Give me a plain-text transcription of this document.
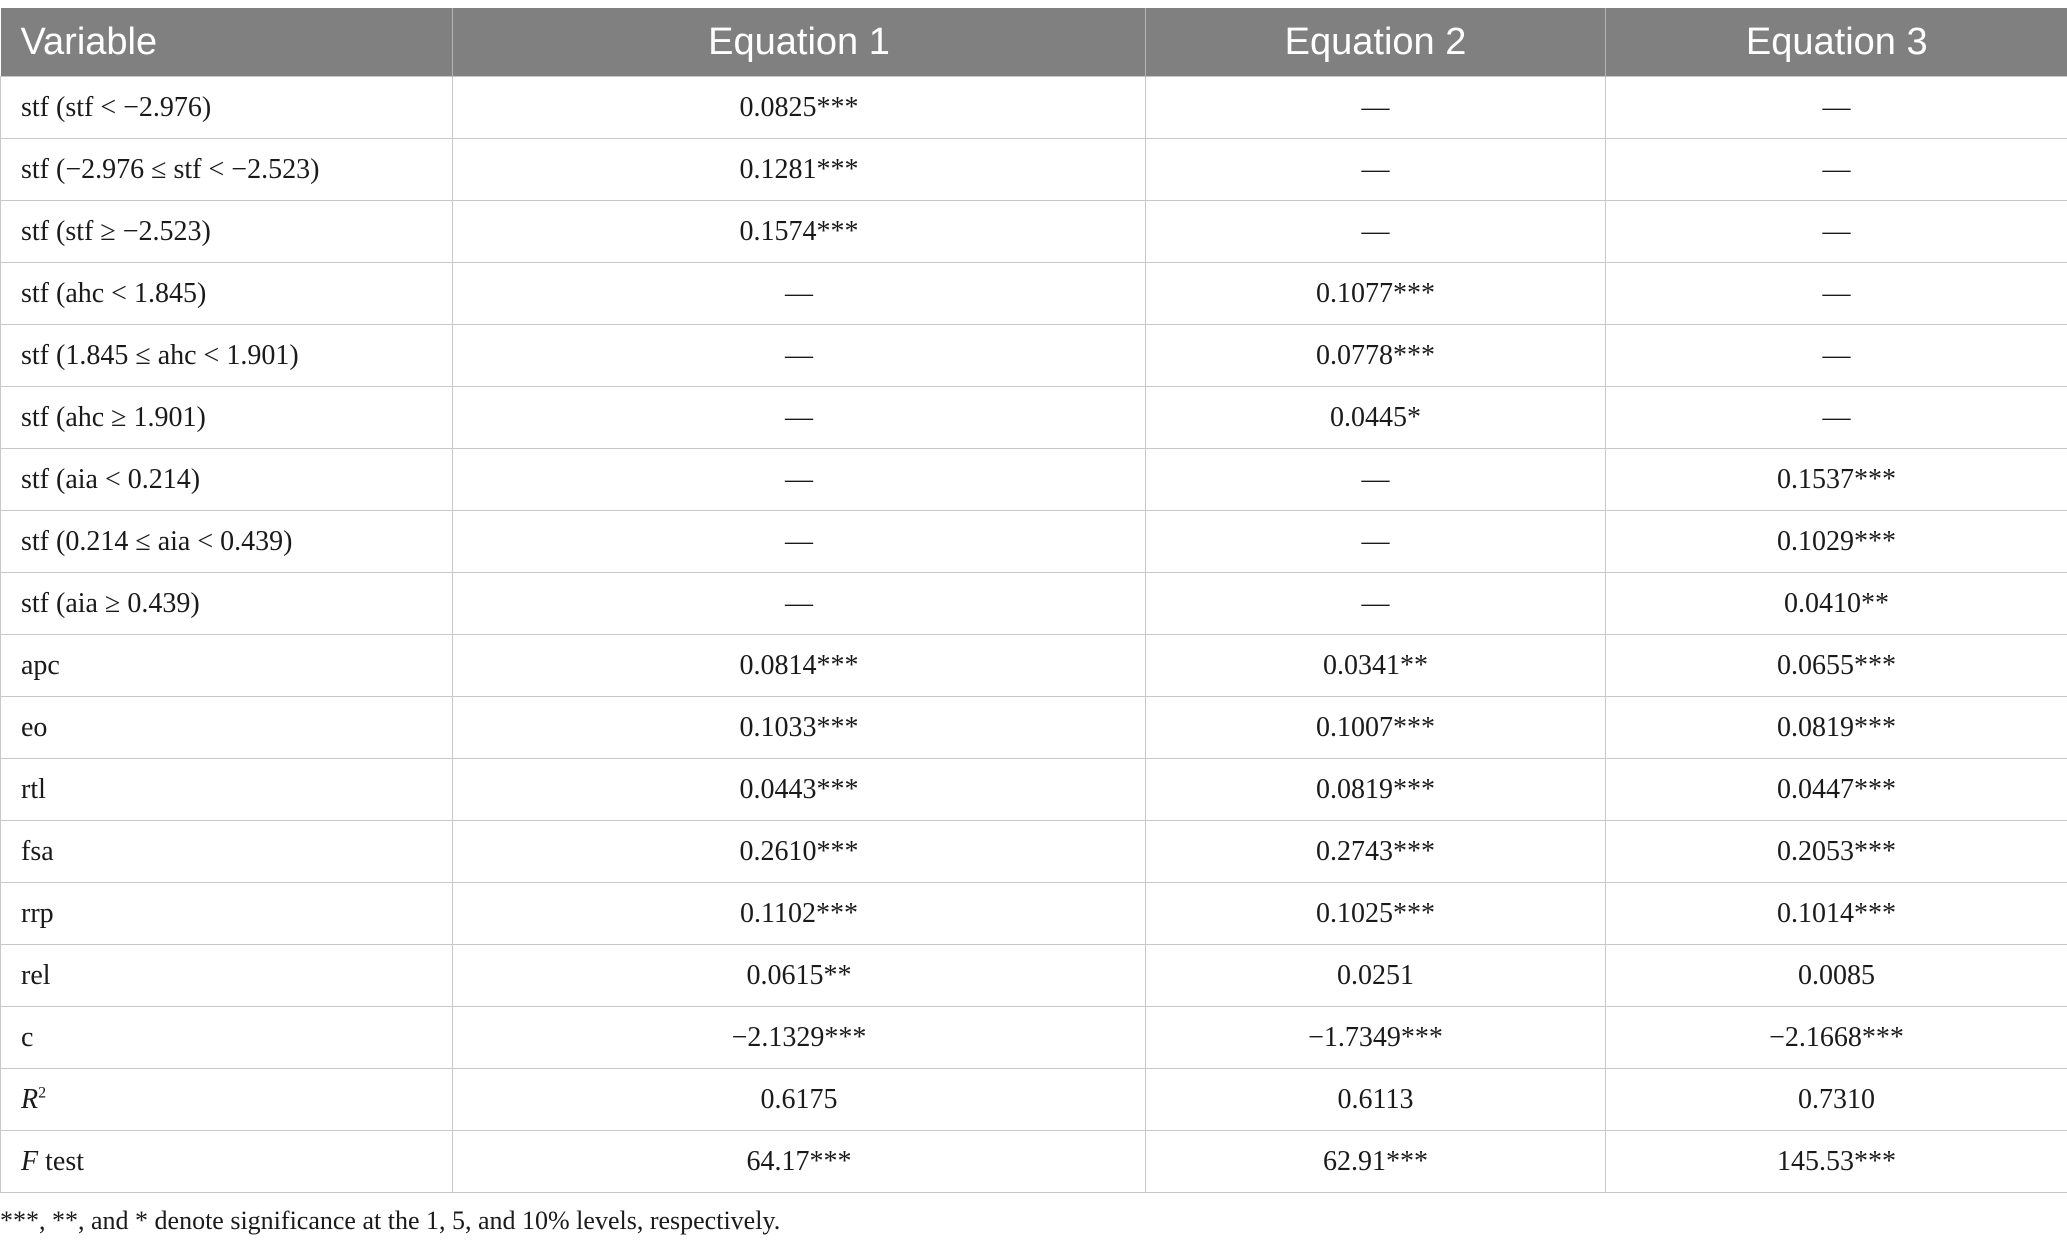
Variable	Equation 1	Equation 2	Equation 3
stf (stf < −2.976)	0.0825***	—	—
stf (−2.976 ≤ stf < −2.523)	0.1281***	—	—
stf (stf ≥ −2.523)	0.1574***	—	—
stf (ahc < 1.845)	—	0.1077***	—
stf (1.845 ≤ ahc < 1.901)	—	0.0778***	—
stf (ahc ≥ 1.901)	—	0.0445*	—
stf (aia < 0.214)	—	—	0.1537***
stf (0.214 ≤ aia < 0.439)	—	—	0.1029***
stf (aia ≥ 0.439)	—	—	0.0410**
apc	0.0814***	0.0341**	0.0655***
eo	0.1033***	0.1007***	0.0819***
rtl	0.0443***	0.0819***	0.0447***
fsa	0.2610***	0.2743***	0.2053***
rrp	0.1102***	0.1025***	0.1014***
rel	0.0615**	0.0251	0.0085
c	−2.1329***	−1.7349***	−2.1668***
$R^2$	0.6175	0.6113	0.7310
F test	64.17***	62.91***	145.53***
***, **, and * denote significance at the 1, 5, and 10% levels, respectively.
